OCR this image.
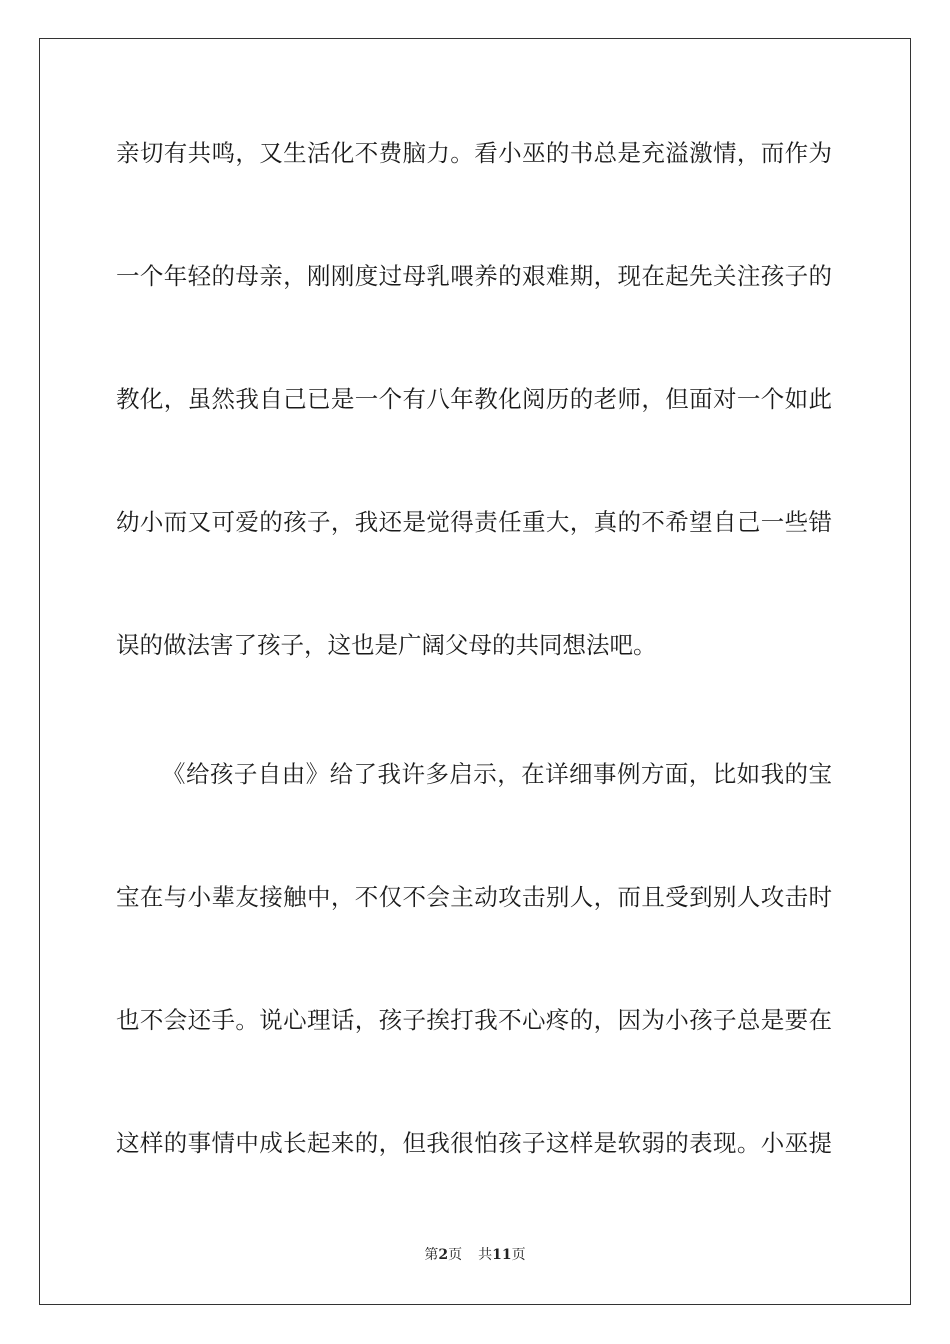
亲切有共鸣，又生活化不费脑力。看小巫的书总是充溢激情，而作为
一个年轻的母亲，刚刚度过母乳喂养的艰难期，现在起先关注孩子的
教化，虽然我自己已是一个有八年教化阅历的老师，但面对一个如此
幼小而又可爱的孩子，我还是觉得责任重大，真的不希望自己一些错
误的做法害了孩子，这也是广阔父母的共同想法吧。
《给孩子自由》给了我许多启示，在详细事例方面，比如我的宝
宝在与小辈友接触中，不仅不会主动攻击别人，而且受到别人攻击时
也不会还手。说心理话，孩子挨打我不心疼的，因为小孩子总是要在
这样的事情中成长起来的，但我很怕孩子这样是软弱的表现。小巫提
第2页 共11页
